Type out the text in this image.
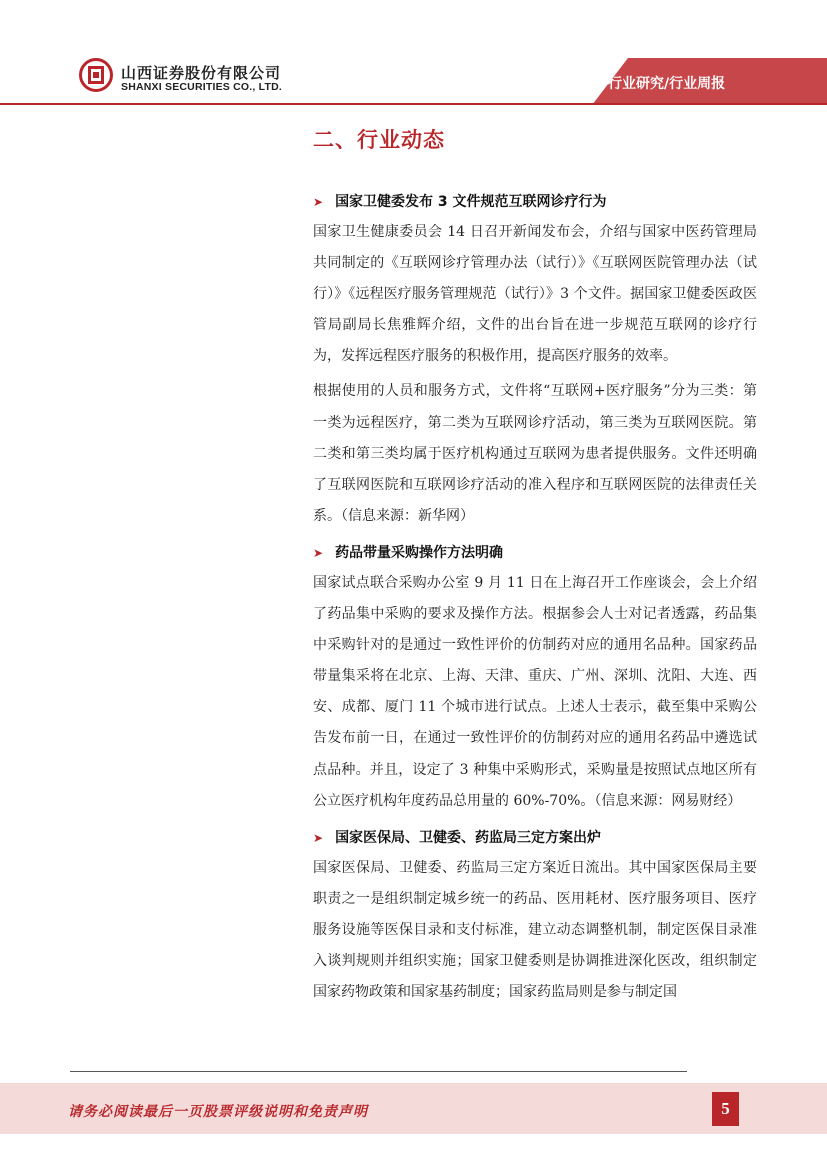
山西证券股份有限公司
SHANXI SECURITIES CO., LTD.	行业研究/行业周报
二、行业动态
➤ 国家卫健委发布 3 文件规范互联网诊疗行为

国家卫生健康委员会 14 日召开新闻发布会，介绍与国家中医药管理局共同制定的《互联网诊疗管理办法（试行）》《互联网医院管理办法（试行）》《远程医疗服务管理规范（试行）》3 个文件。据国家卫健委医政医管局副局长焦雅辉介绍，文件的出台旨在进一步规范互联网的诊疗行为，发挥远程医疗服务的积极作用，提高医疗服务的效率。

根据使用的人员和服务方式，文件将“互联网+医疗服务”分为三类：第一类为远程医疗，第二类为互联网诊疗活动，第三类为互联网医院。第二类和第三类均属于医疗机构通过互联网为患者提供服务。文件还明确了互联网医院和互联网诊疗活动的准入程序和互联网医院的法律责任关系。（信息来源：新华网）

➤ 药品带量采购操作方法明确

国家试点联合采购办公室 9 月 11 日在上海召开工作座谈会，会上介绍了药品集中采购的要求及操作方法。根据参会人士对记者透露，药品集中采购针对的是通过一致性评价的仿制药对应的通用名品种。国家药品带量集采将在北京、上海、天津、重庆、广州、深圳、沈阳、大连、西安、成都、厦门 11 个城市进行试点。上述人士表示，截至集中采购公告发布前一日，在通过一致性评价的仿制药对应的通用名药品中遴选试点品种。并且，设定了 3 种集中采购形式，采购量是按照试点地区所有公立医疗机构年度药品总用量的 60%-70%。（信息来源：网易财经）

➤ 国家医保局、卫健委、药监局三定方案出炉

国家医保局、卫健委、药监局三定方案近日流出。其中国家医保局主要职责之一是组织制定城乡统一的药品、医用耗材、医疗服务项目、医疗服务设施等医保目录和支付标准，建立动态调整机制，制定医保目录准入谈判规则并组织实施；国家卫健委则是协调推进深化医改，组织制定国家药物政策和国家基药制度；国家药监局则是参与制定国

请务必阅读最后一页股票评级说明和免责声明	5
